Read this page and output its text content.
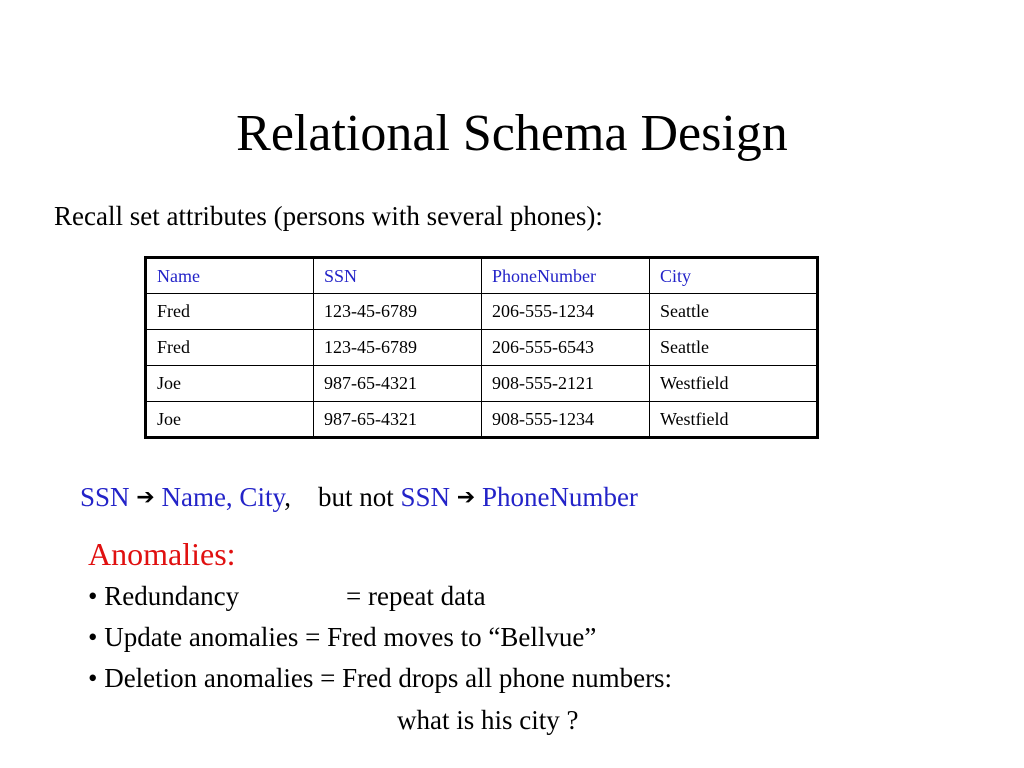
Relational Schema Design
Recall set attributes (persons with several phones):
Name	SSN	PhoneNumber	City
Fred	123-45-6789	206-555-1234	Seattle
Fred	123-45-6789	206-555-6543	Seattle
Joe	987-65-4321	908-555-2121	Westfield
Joe	987-65-4321	908-555-1234	Westfield
SSN ➔ Name, City, but not SSN ➔ PhoneNumber
Anomalies:
• Redundancy	= repeat data
• Update anomalies = Fred moves to “Bellvue”
• Deletion anomalies = Fred drops all phone numbers:
what is his city ?
